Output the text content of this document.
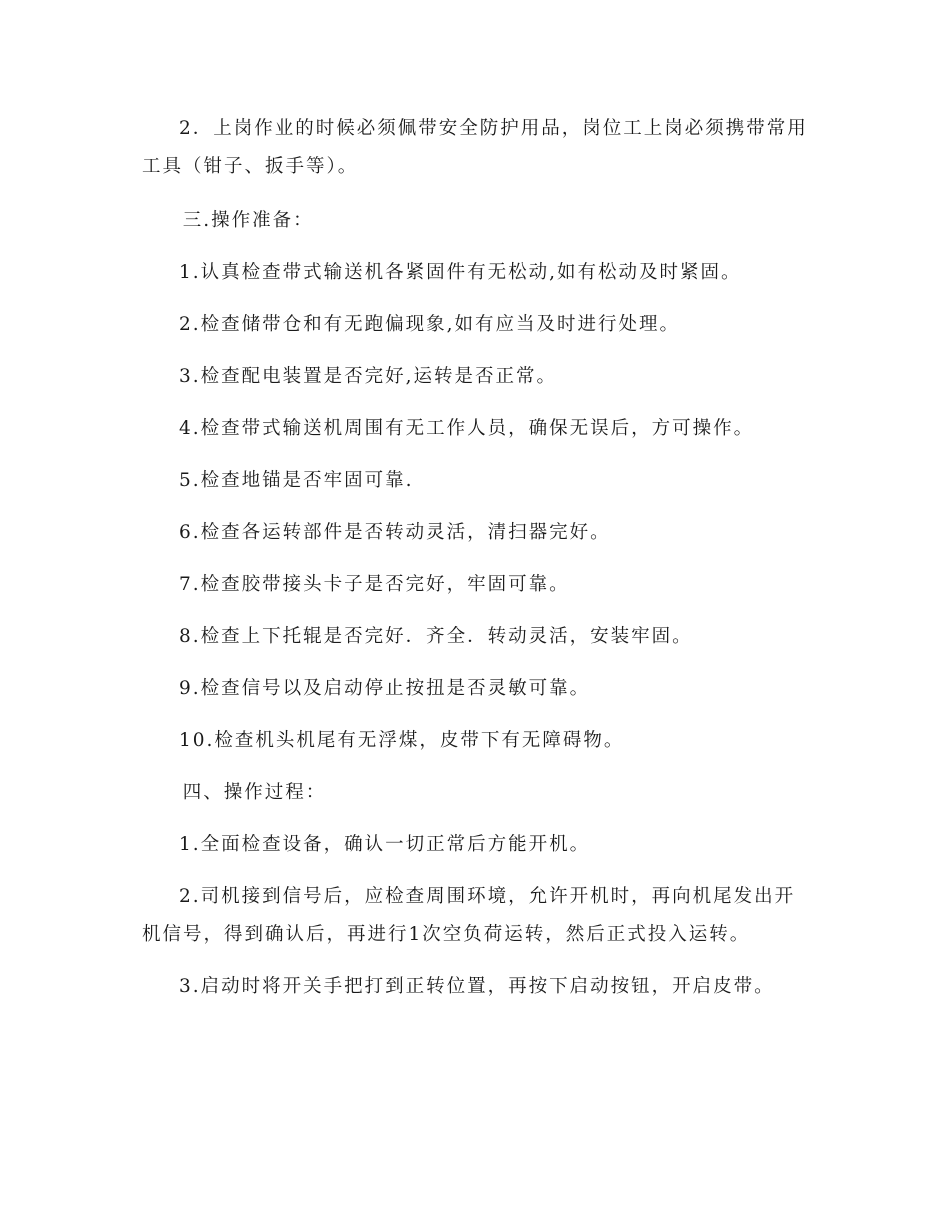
2．上岗作业的时候必须佩带安全防护用品，岗位工上岗必须携带常用工具（钳子、扳手等）。

三.操作准备：

1.认真检查带式输送机各紧固件有无松动,如有松动及时紧固。

2.检查储带仓和有无跑偏现象,如有应当及时进行处理。

3.检查配电装置是否完好,运转是否正常。

4.检查带式输送机周围有无工作人员，确保无误后，方可操作。

5.检查地锚是否牢固可靠.

6.检查各运转部件是否转动灵活，清扫器完好。

7.检查胶带接头卡子是否完好，牢固可靠。

8.检查上下托辊是否完好．齐全．转动灵活，安装牢固。

9.检查信号以及启动停止按扭是否灵敏可靠。

10.检查机头机尾有无浮煤，皮带下有无障碍物。

四、操作过程：

1.全面检查设备，确认一切正常后方能开机。

2.司机接到信号后，应检查周围环境，允许开机时，再向机尾发出开机信号，得到确认后，再进行1次空负荷运转，然后正式投入运转。

3.启动时将开关手把打到正转位置，再按下启动按钮，开启皮带。
